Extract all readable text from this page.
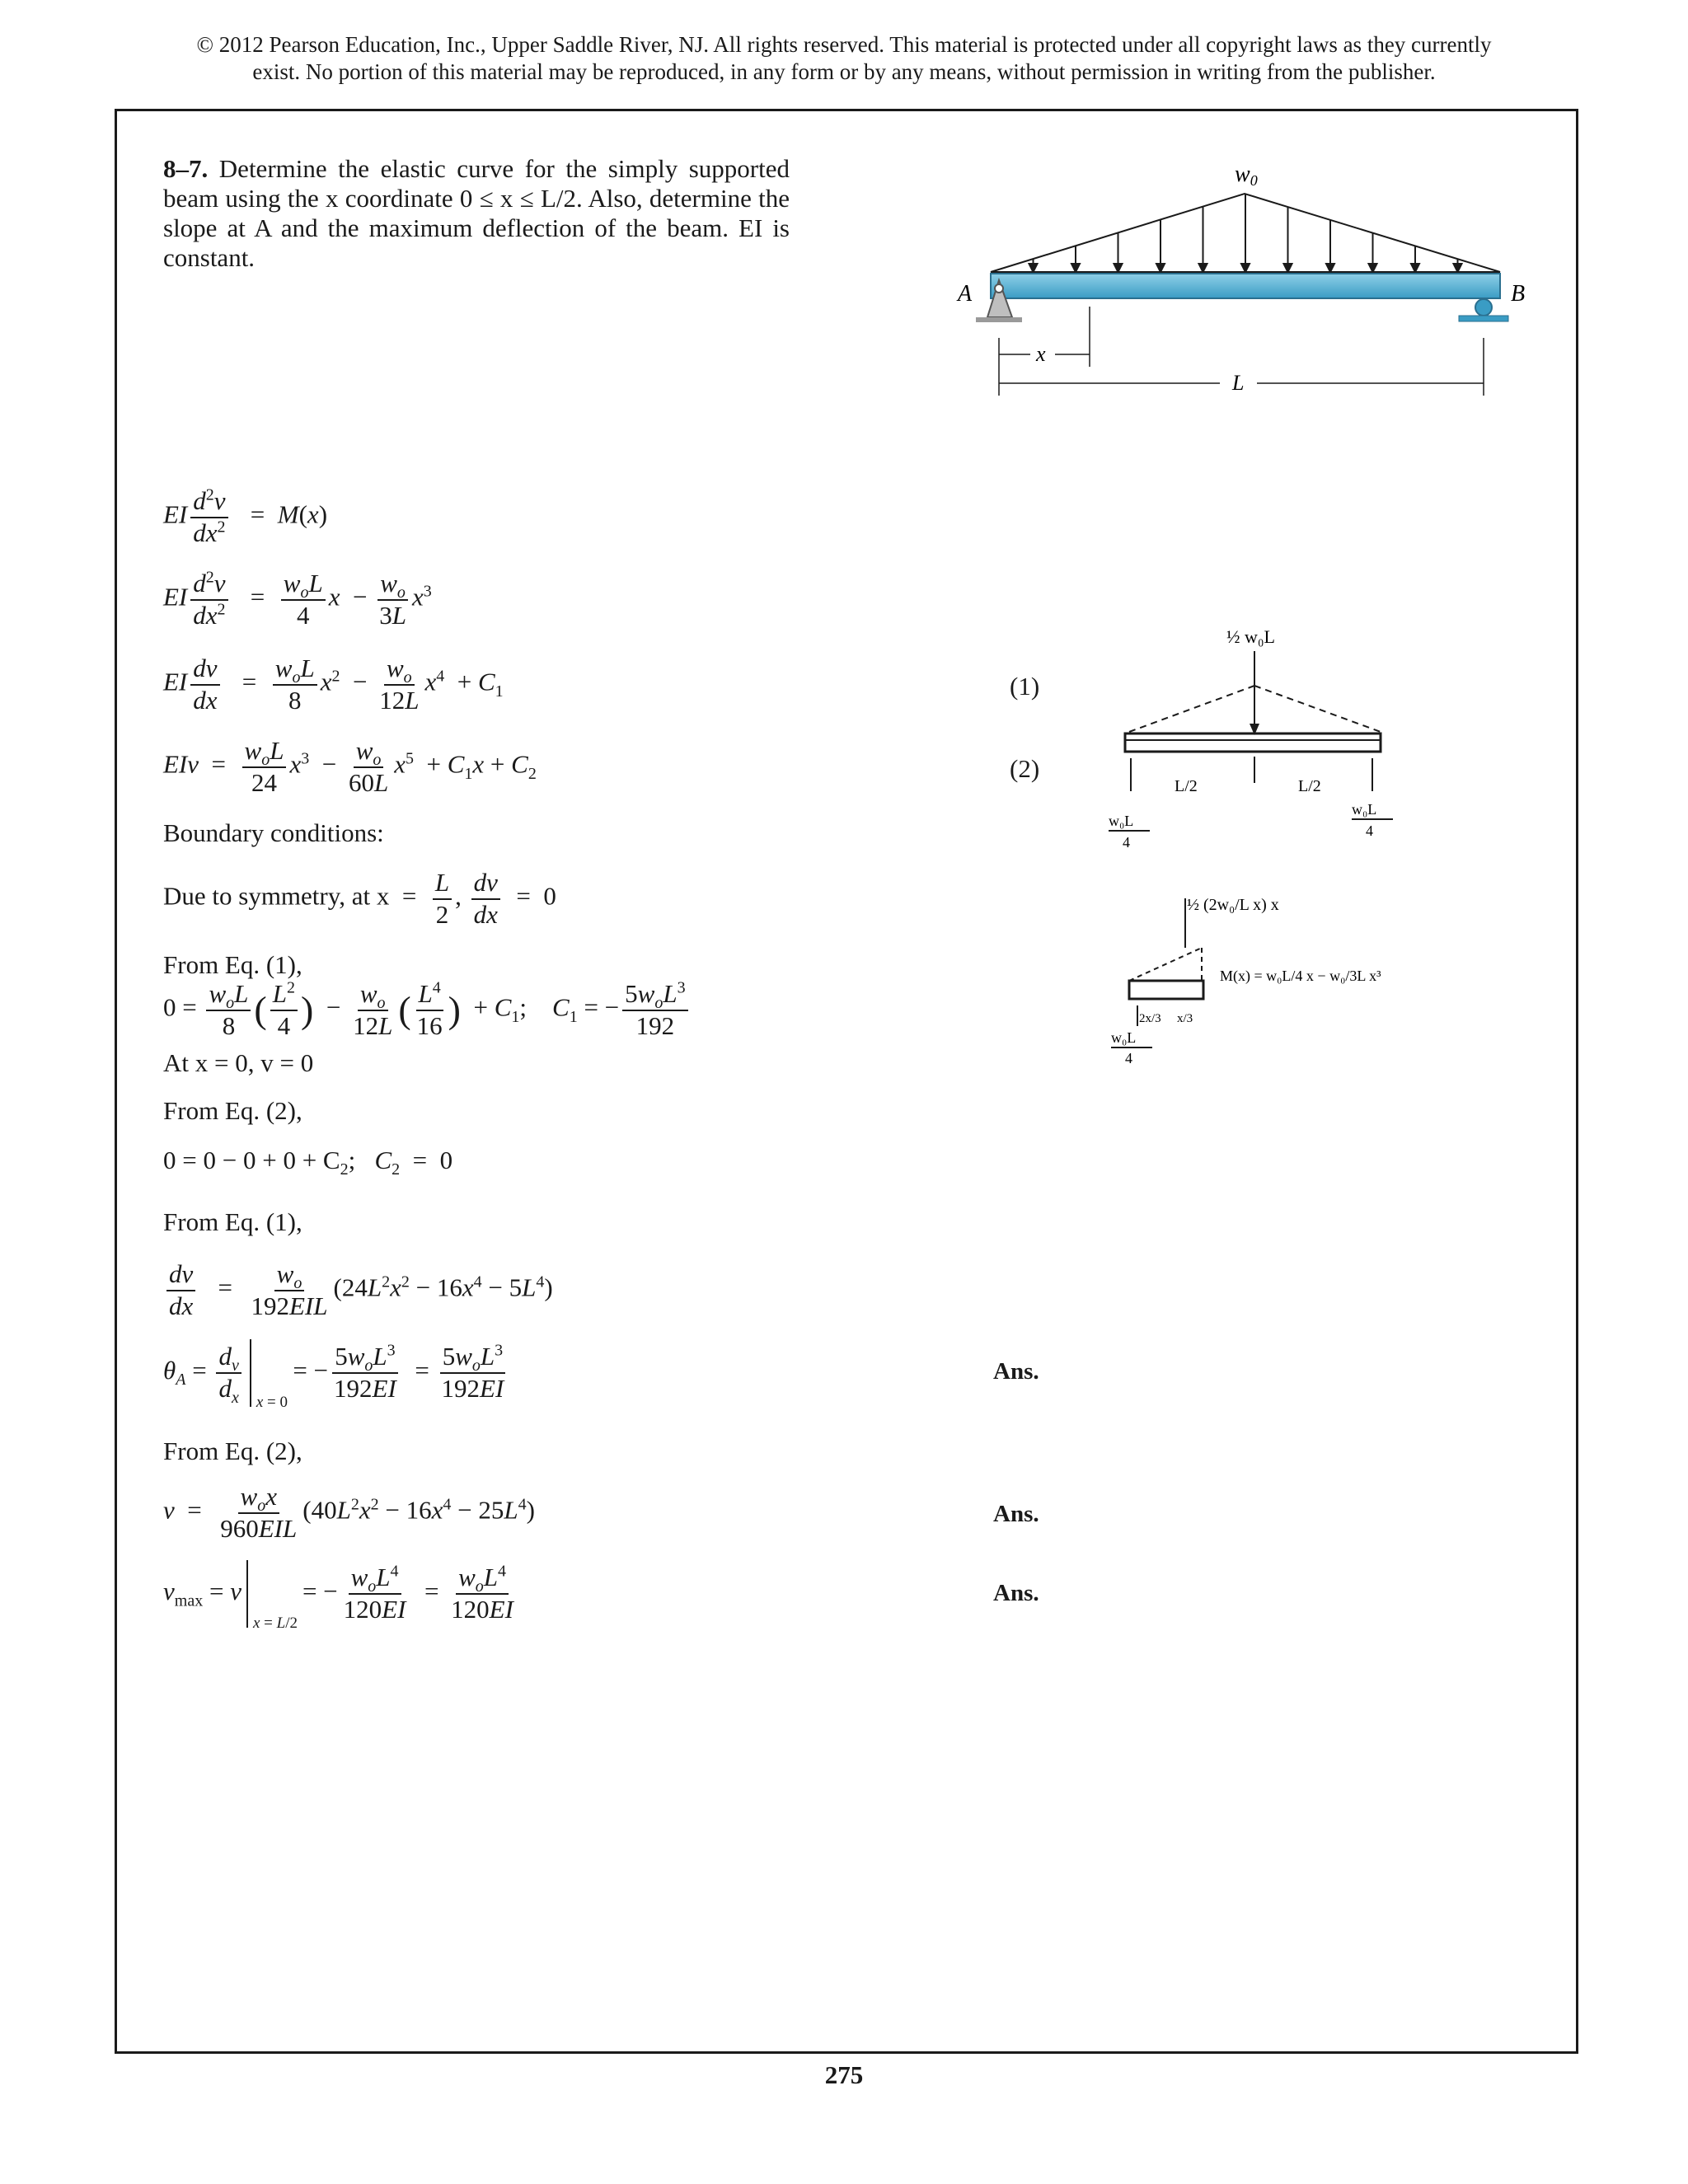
© 2012 Pearson Education, Inc., Upper Saddle River, NJ. All rights reserved. This material is protected under all copyright laws as they currently
exist. No portion of this material may be reproduced, in any form or by any means, without permission in writing from the publisher.
8–7. Determine the elastic curve for the simply supported beam using the x coordinate 0 ≤ x ≤ L/2. Also, determine the slope at A and the maximum deflection of the beam. EI is constant.
w0
A	B
x
L
½ w₀L
L/2	L/2
w₀L
4
w₀L
4
½ (2w₀/L x) x
M(x) = w₀L/4 x − w₀/3L x³
2x/3 x/3
w₀L
4
EI $\frac{d^2v}{dx^2} = M(x)$
EI $\frac{d^2v}{dx^2} = \frac{w_oL}{4}$ $x - \frac{w_o}{3L} x^3$
EI $\frac{dv}{dx} = \frac{w_oL}{8} x^2 - \frac{w_o}{12L} x^4 + C_1$	(1)
EIv  = $\frac{w_oL}{24} x^3 - \frac{w_o}{60L} x^5 + C_1x + C_2$	(2)
Boundary conditions:
Due to symmetry, at $x = \frac{L}{2}$ , $\frac{dv}{dx} = 0$
From Eq. (1),
$0 = \frac{w_oL}{8}$ ( $\frac{L^2}{4}$ )  − $\frac{w_o}{12L}$ ( $\frac{L^4}{16}$ )  + $C_1$;    $C_1$ = − $\frac{5w_oL^3}{192}$
At x = 0, v = 0
From Eq. (2),
$0 = 0 - 0 + 0 + C_2$;   $C_2 = 0$
From Eq. (1),
$\frac{dv}{dx} = \frac{w_o}{\text{192EIL}} (24L^2x^2 - 16x^4 - 5L^4)$
$\theta_A = \frac{d_v}{d_x}$ x = 0
= − $\frac{5w_oL^3}{192EI} = \frac{5w_oL^3}{192EI}$	Ans.
From Eq. (2),
$v = \frac{w_ox}{\text{960EIL}} (40L^2x^2 - 16x^4 - 25L^4)$	Ans.
$v_{max} = v$
x = L/2
= − $\frac{w_oL^4}{120EI} = \frac{w_oL^4}{120EI}$	Ans.
275
